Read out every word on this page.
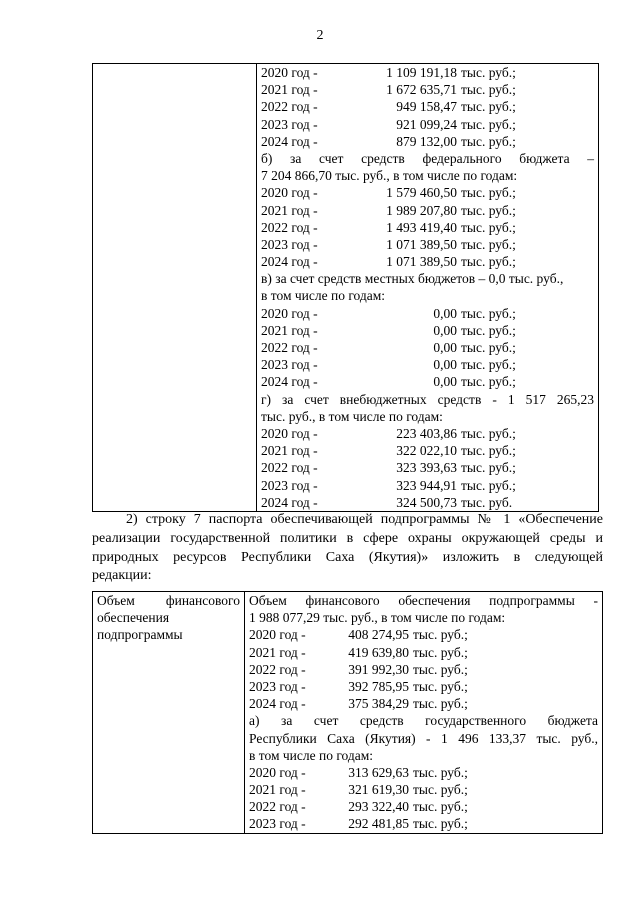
2

2020 год -	1 109 191,18 тыс. руб.;
2021 год -	1 672 635,71 тыс. руб.;
2022 год -	949 158,47 тыс. руб.;
2023 год -	921 099,24 тыс. руб.;
2024 год -	879 132,00 тыс. руб.;
б) за счет средств федерального бюджета –
7 204 866,70 тыс. руб., в том числе по годам:
2020 год -	1 579 460,50 тыс. руб.;
2021 год -	1 989 207,80 тыс. руб.;
2022 год -	1 493 419,40 тыс. руб.;
2023 год -	1 071 389,50 тыс. руб.;
2024 год -	1 071 389,50 тыс. руб.;
в) за счет средств местных бюджетов – 0,0 тыс. руб.,
в том числе по годам:
2020 год -	0,00 тыс. руб.;
2021 год -	0,00 тыс. руб.;
2022 год -	0,00 тыс. руб.;
2023 год -	0,00 тыс. руб.;
2024 год -	0,00 тыс. руб.;
г) за счет внебюджетных средств - 1 517 265,23
тыс. руб., в том числе по годам:
2020 год -	223 403,86 тыс. руб.;
2021 год -	322 022,10 тыс. руб.;
2022 год -	323 393,63 тыс. руб.;
2023 год -	323 944,91 тыс. руб.;
2024 год -	324 500,73 тыс. руб.
2) строку 7 паспорта обеспечивающей подпрограммы № 1 «Обеспечение
реализации государственной политики в сфере охраны окружающей среды и
природных ресурсов Республики Саха (Якутия)» изложить в следующей
редакции:
Объем финансового
обеспечения
подпрограммы

Объем финансового обеспечения подпрограммы -
1 988 077,29 тыс. руб., в том числе по годам:
2020 год -	408 274,95 тыс. руб.;
2021 год -	419 639,80 тыс. руб.;
2022 год -	391 992,30 тыс. руб.;
2023 год -	392 785,95 тыс. руб.;
2024 год -	375 384,29 тыс. руб.;
а) за счет средств государственного бюджета
Республики Саха (Якутия) - 1 496 133,37 тыс. руб.,
в том числе по годам:
2020 год -	313 629,63 тыс. руб.;
2021 год -	321 619,30 тыс. руб.;
2022 год -	293 322,40 тыс. руб.;
2023 год -	292 481,85 тыс. руб.;
